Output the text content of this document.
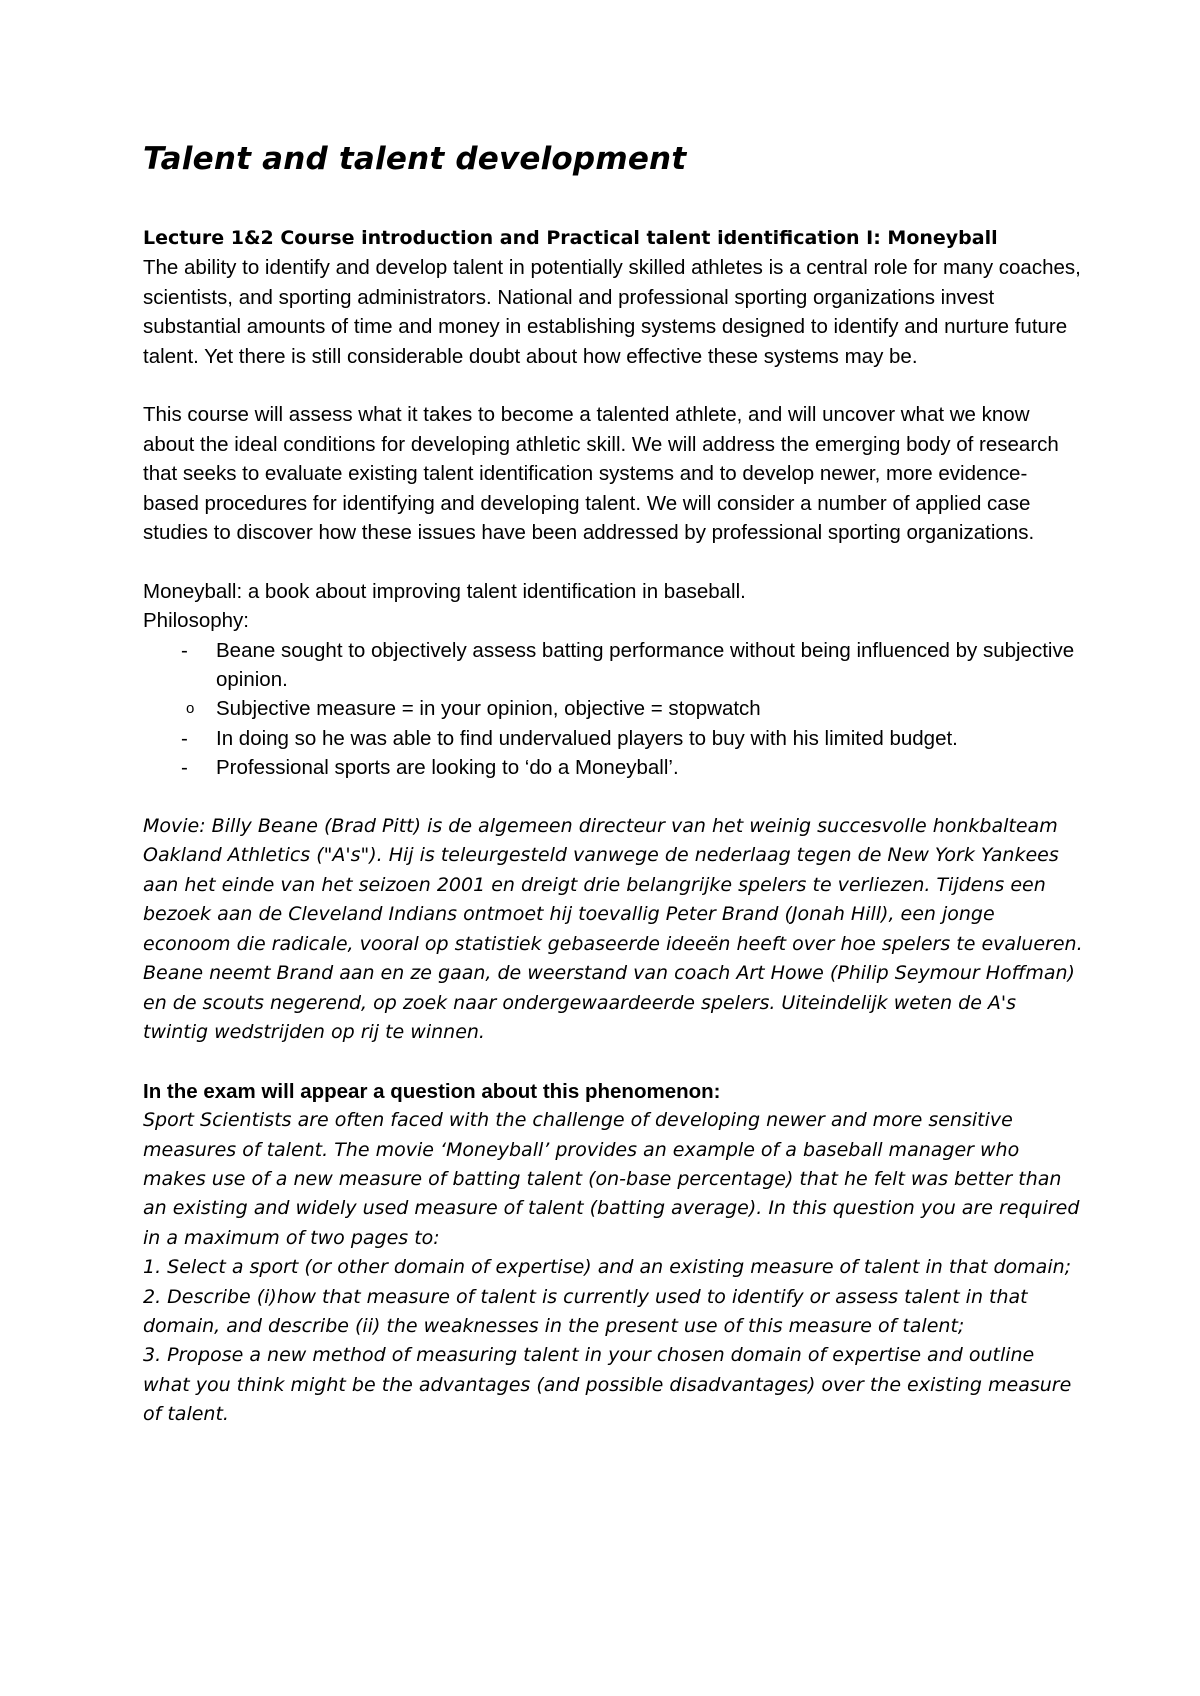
Talent and talent development
Lecture 1&2 Course introduction and Practical talent identification I: Moneyball

The ability to identify and develop talent in potentially skilled athletes is a central role for many coaches, scientists, and sporting administrators. National and professional sporting organizations invest substantial amounts of time and money in establishing systems designed to identify and nurture future talent. Yet there is still considerable doubt about how effective these systems may be.

This course will assess what it takes to become a talented athlete, and will uncover what we know about the ideal conditions for developing athletic skill. We will address the emerging body of research that seeks to evaluate existing talent identification systems and to develop newer, more evidence-based procedures for identifying and developing talent. We will consider a number of applied case studies to discover how these issues have been addressed by professional sporting organizations.

Moneyball: a book about improving talent identification in baseball.

Philosophy:

- Beane sought to objectively assess batting performance without being influenced by subjective opinion.
o Subjective measure = in your opinion, objective = stopwatch
- In doing so he was able to find undervalued players to buy with his limited budget.
- Professional sports are looking to ‘do a Moneyball’.

Movie: Billy Beane (Brad Pitt) is de algemeen directeur van het weinig succesvolle honkbalteam Oakland Athletics ("A's"). Hij is teleurgesteld vanwege de nederlaag tegen de New York Yankees aan het einde van het seizoen 2001 en dreigt drie belangrijke spelers te verliezen. Tijdens een bezoek aan de Cleveland Indians ontmoet hij toevallig Peter Brand (Jonah Hill), een jonge econoom die radicale, vooral op statistiek gebaseerde ideeën heeft over hoe spelers te evalueren. Beane neemt Brand aan en ze gaan, de weerstand van coach Art Howe (Philip Seymour Hoffman) en de scouts negerend, op zoek naar ondergewaardeerde spelers. Uiteindelijk weten de A's twintig wedstrijden op rij te winnen.

In the exam will appear a question about this phenomenon:

Sport Scientists are often faced with the challenge of developing newer and more sensitive measures of talent. The movie ‘Moneyball’ provides an example of a baseball manager who makes use of a new measure of batting talent (on-base percentage) that he felt was better than an existing and widely used measure of talent (batting average). In this question you are required in a maximum of two pages to:

1. Select a sport (or other domain of expertise) and an existing measure of talent in that domain;

2. Describe (i)how that measure of talent is currently used to identify or assess talent in that domain, and describe (ii) the weaknesses in the present use of this measure of talent;

3. Propose a new method of measuring talent in your chosen domain of expertise and outline what you think might be the advantages (and possible disadvantages) over the existing measure of talent.
